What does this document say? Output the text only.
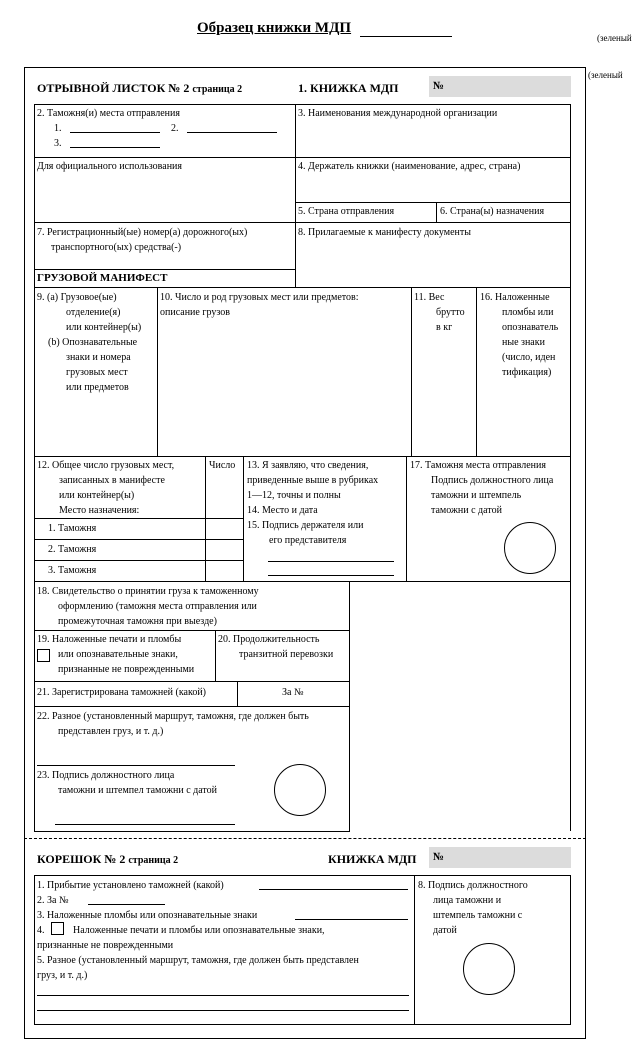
Образец книжки МДП
(зеленый
(зеленый
ОТРЫВНОЙ ЛИСТОК № 2 страница 2	1. КНИЖКА МДП	№
2. Таможня(и) места отправления
1.	2.
3.
3. Наименования международной организации
Для официального использования	4. Держатель книжки (наименование, адрес, страна)
5. Страна отправления	6. Страна(ы) назначения
7. Регистрационный(ые) номер(а) дорожного(ых)
транспортного(ых) средства(-)
8. Прилагаемые к манифесту документы
ГРУЗОВОЙ МАНИФЕСТ
9. (a) Грузовое(ые)
отделение(я)
или контейнер(ы)
(b) Опознавательные
знаки и номера
грузовых мест
или предметов
10. Число и род грузовых мест или предметов:
описание грузов
11. Вес
брутто
в кг
16. Наложенные
пломбы или
опознаватель
ные знаки
(число, иден
тификация)
12. Общее число грузовых мест,
записанных в манифесте
или контейнер(ы)
Место назначения:
Число
1. Таможня
2. Таможня
3. Таможня
13. Я заявляю, что сведения,
приведенные выше в рубриках
1—12, точны и полны
14. Место и дата
15. Подпись держателя или
его представителя
17. Таможня места отправления
Подпись должностного лица
таможни и штемпель
таможни с датой
18. Свидетельство о принятии груза к таможенному
оформлению (таможня места отправления или
промежуточная таможня при выезде)
19. Наложенные печати и пломбы
или опознавательные знаки,
признанные не поврежденными
20. Продолжительность
транзитной перевозки
21. Зарегистрирована таможней (какой)	За №
22. Разное (установленный маршрут, таможня, где должен быть
представлен груз, и т. д.)
23. Подпись должностного лица
таможни и штемпел таможни с датой
КОРЕШОК № 2 страница 2	КНИЖКА МДП №
1. Прибытие установлено таможней (какой)
2. За №
3. Наложенные пломбы или опознавательные знаки
4.	Наложенные печати и пломбы или опознавательные знаки,
признанные не поврежденными
5. Разное (установленный маршрут, таможня, где должен быть представлен
груз, и т. д.)
8. Подпись должностного
лица таможни и
штемпель таможни с
датой
